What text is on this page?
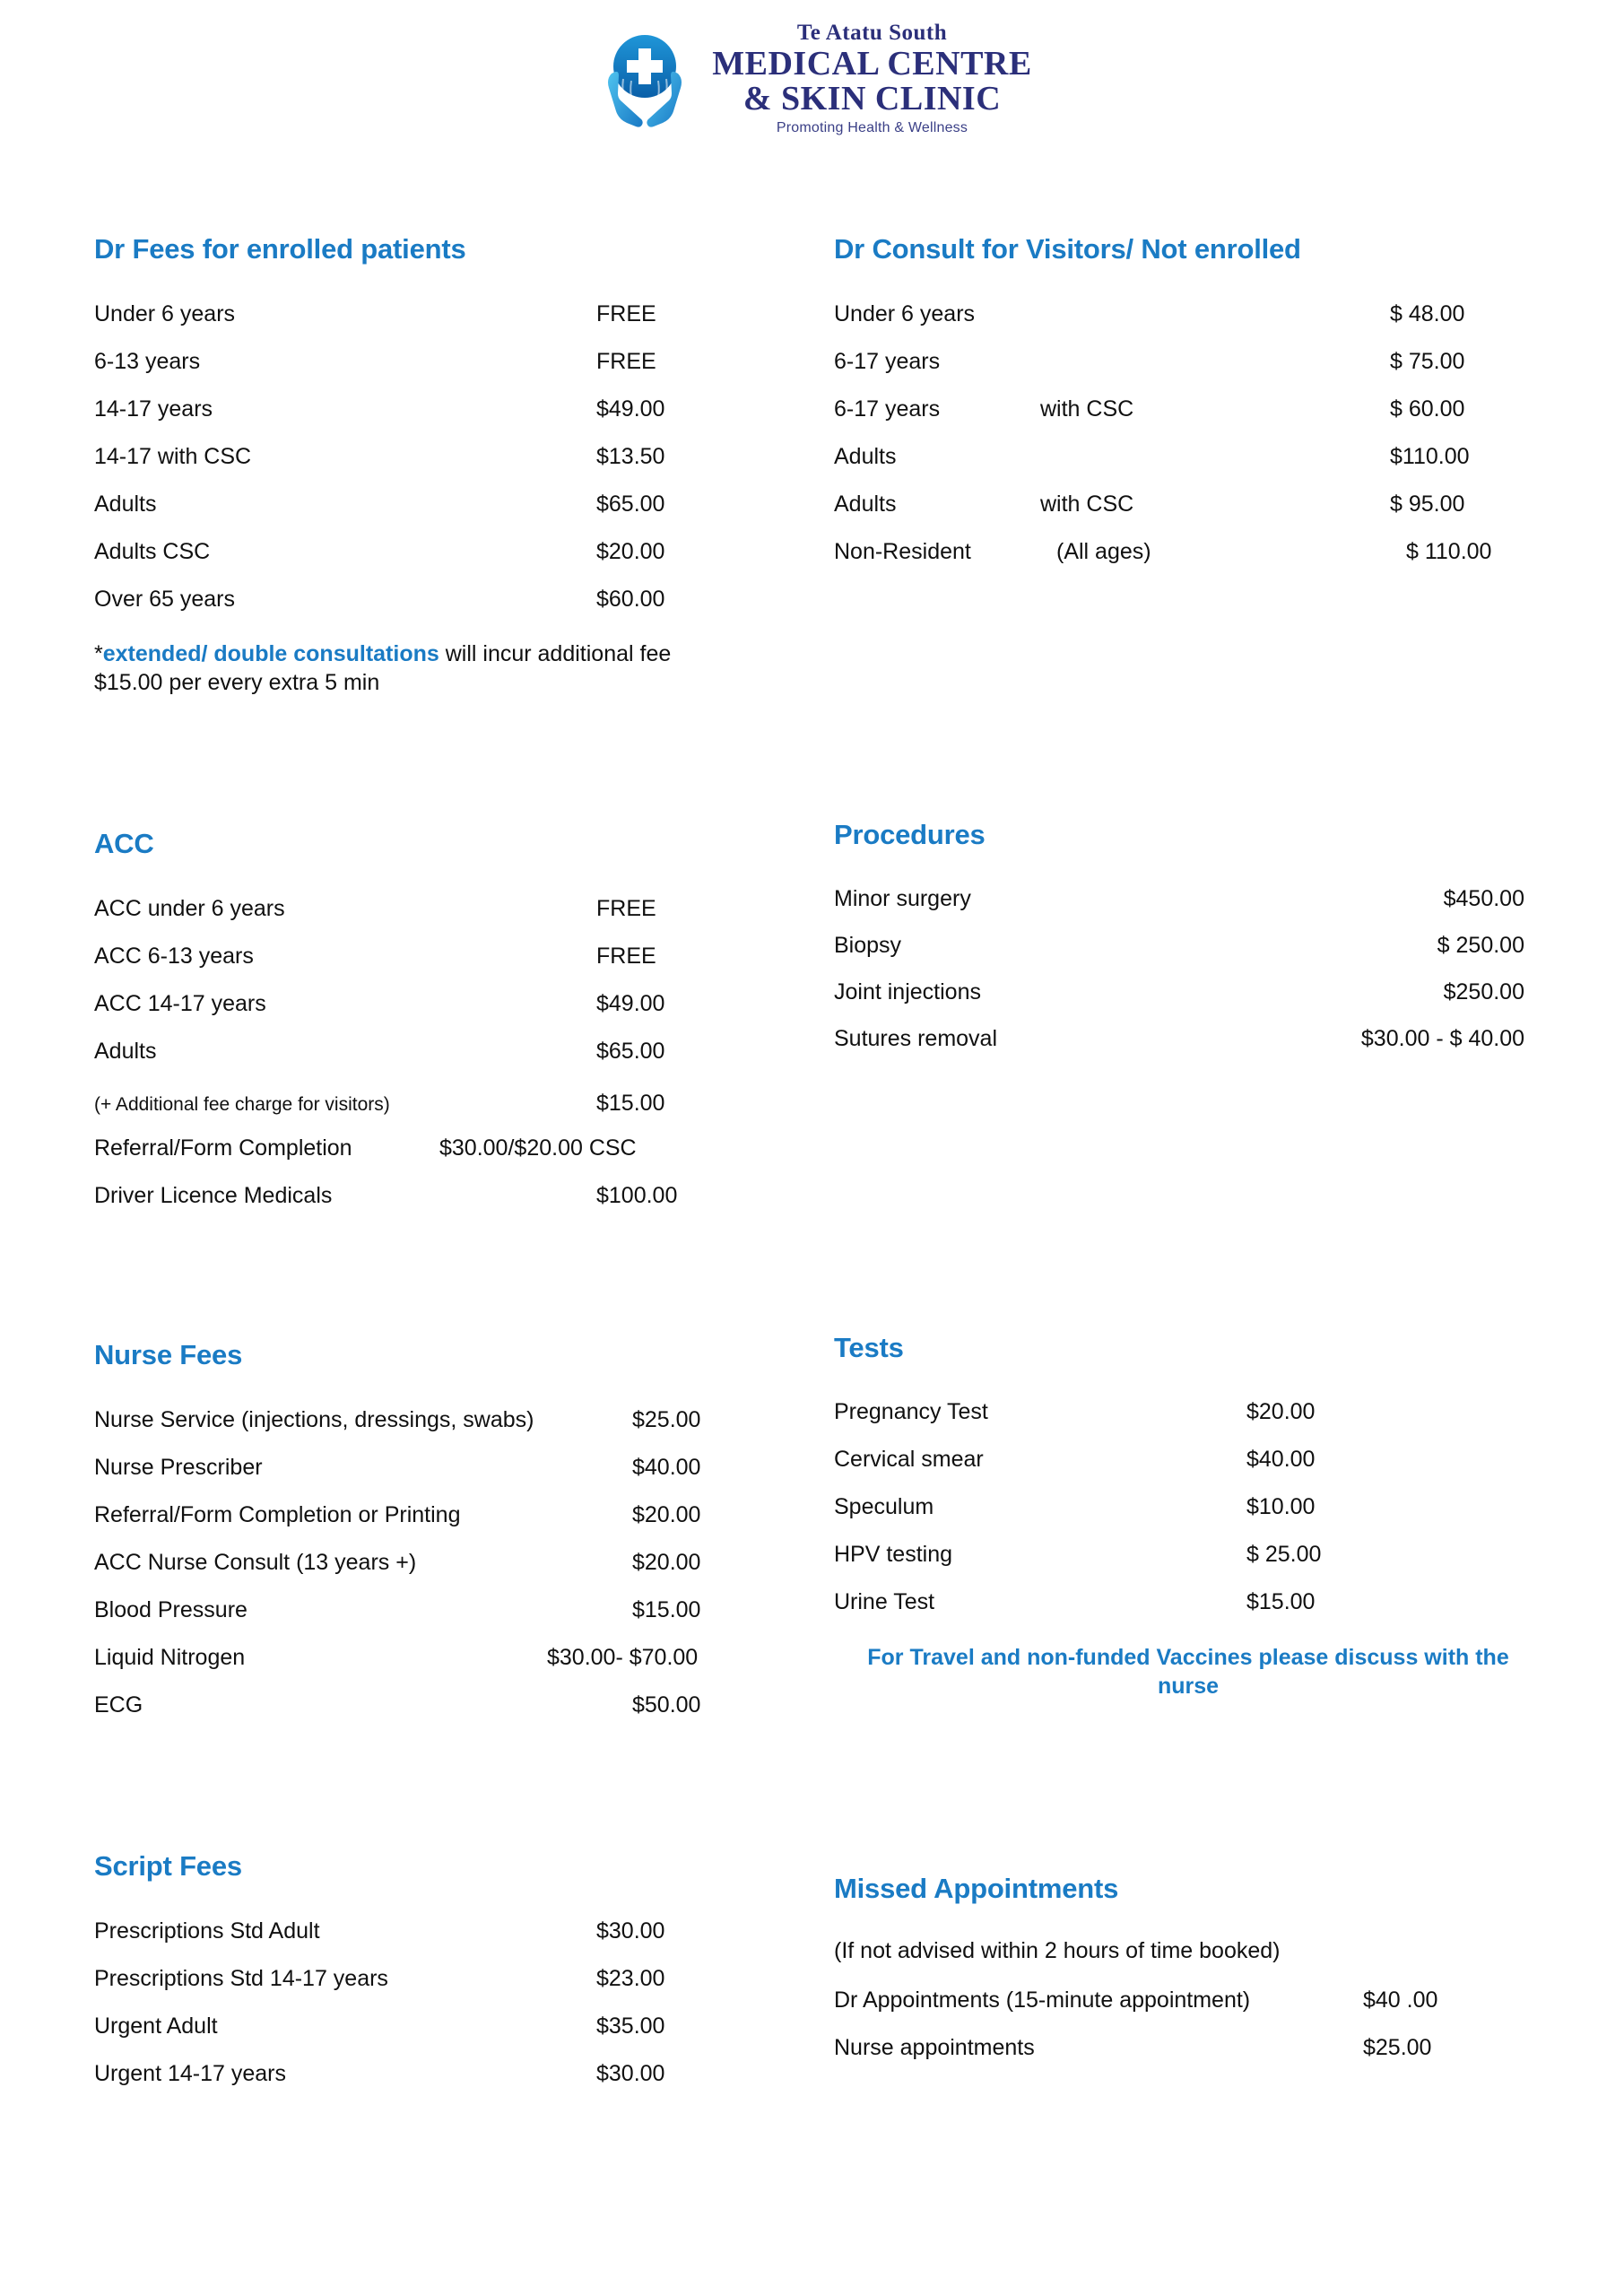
Te Atatu South
MEDICAL CENTRE
& SKIN CLINIC
Promoting Health & Wellness
Dr Fees for enrolled patients
Under 6 years	FREE
6-13 years	FREE
14-17 years	$49.00
14-17 with CSC	$13.50
Adults	$65.00
Adults CSC	$20.00
Over 65 years	$60.00
*extended/ double consultations will incur additional fee $15.00 per every extra 5 min
ACC
ACC under 6 years	FREE
ACC 6-13 years	FREE
ACC 14-17 years	$49.00
Adults	$65.00
(+ Additional fee charge for visitors)	$15.00
Referral/Form Completion	$30.00/$20.00 CSC
Driver Licence Medicals	$100.00
Nurse Fees
Nurse Service (injections, dressings, swabs)	$25.00
Nurse Prescriber	$40.00
Referral/Form Completion or Printing	$20.00
ACC Nurse Consult (13 years +)	$20.00
Blood Pressure	$15.00
Liquid Nitrogen	$30.00- $70.00
ECG	$50.00
Script Fees
Prescriptions Std Adult	$30.00
Prescriptions Std 14-17 years	$23.00
Urgent Adult	$35.00
Urgent 14-17 years	$30.00
Dr Consult for Visitors/ Not enrolled
Under 6 years	$ 48.00
6-17 years	$ 75.00
6-17 years	with CSC	$ 60.00
Adults	$110.00
Adults	with CSC	$ 95.00
Non-Resident	(All ages)	$ 110.00
Procedures
Minor surgery	$450.00
Biopsy	$ 250.00
Joint injections	$250.00
Sutures removal	$30.00 - $ 40.00
Tests
Pregnancy Test	$20.00
Cervical smear	$40.00
Speculum	$10.00
HPV testing	$ 25.00
Urine Test	$15.00
For Travel and non-funded Vaccines please discuss with the nurse
Missed Appointments
(If not advised within 2 hours of time booked)
Dr Appointments (15-minute appointment)	$40 .00
Nurse appointments	$25.00
